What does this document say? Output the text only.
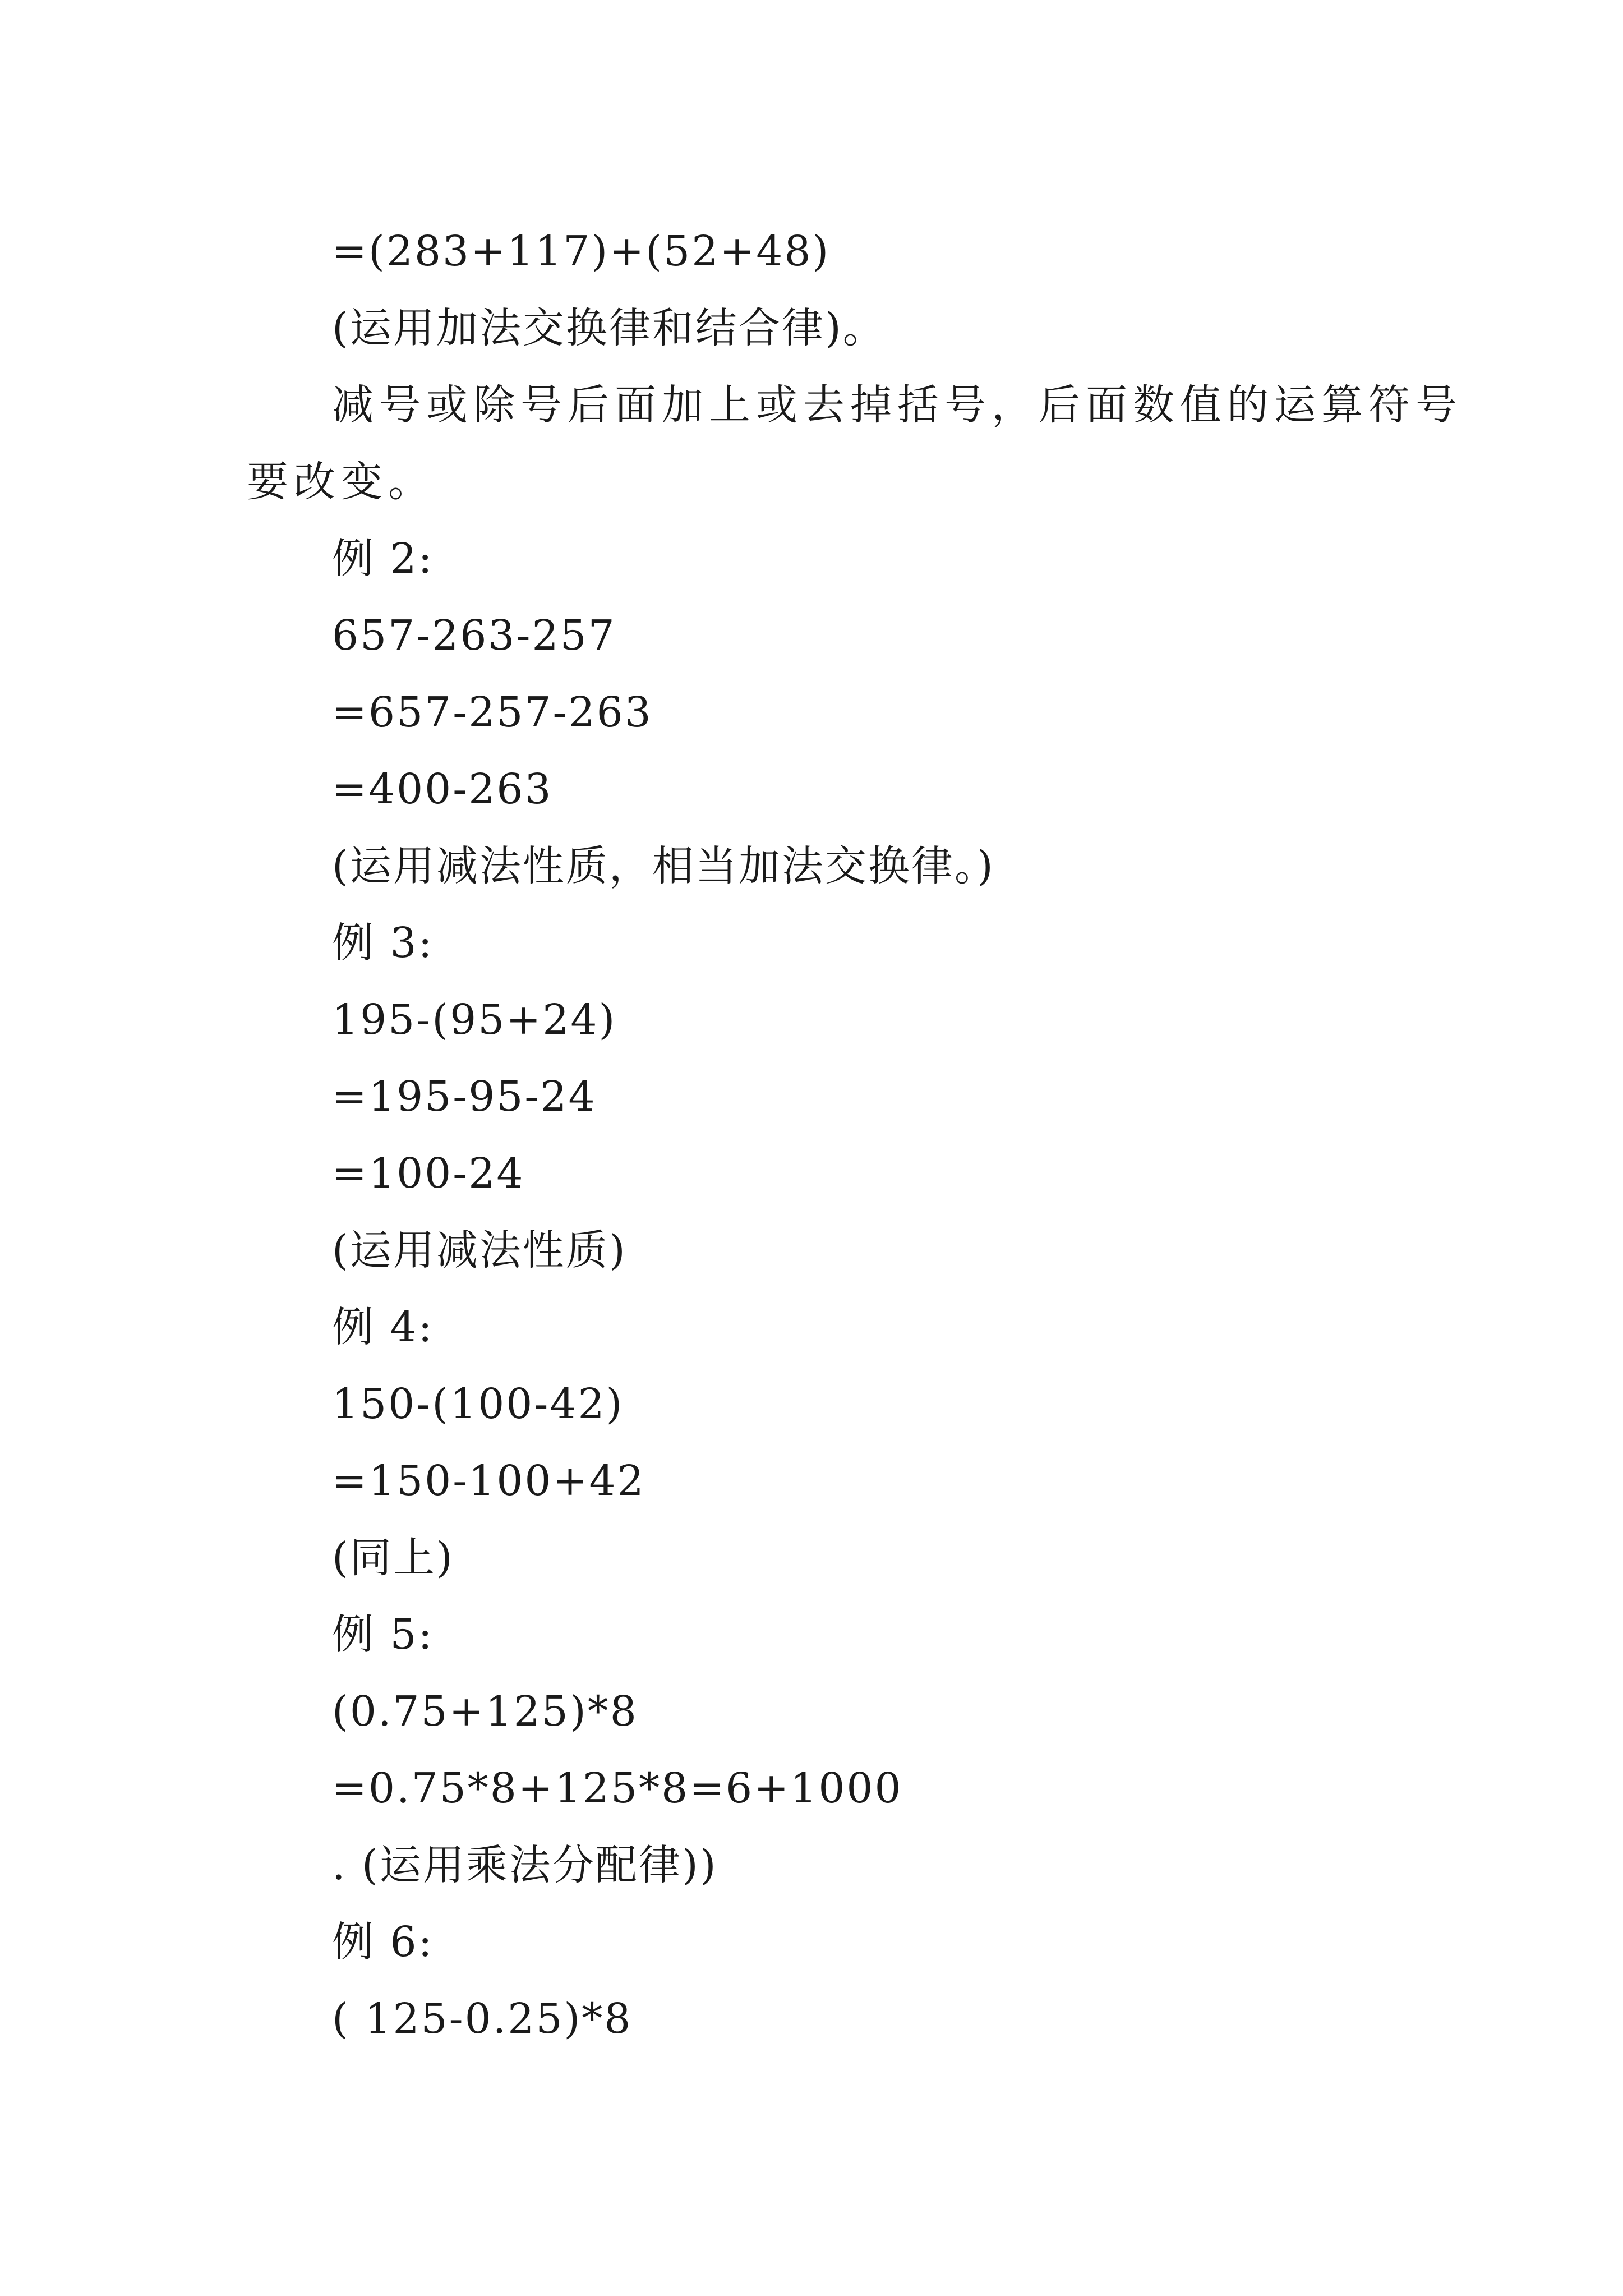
=(283+117)+(52+48)
(运用加法交换律和结合律)。
减号或除号后面加上或去掉括号，后面数值的运算符号
要改变。
例 2:
657-263-257
=657-257-263
=400-263
(运用减法性质，相当加法交换律。)
例 3:
195-(95+24)
=195-95-24
=100-24
(运用减法性质)
例 4:
150-(100-42)
=150-100+42
(同上)
例 5:
(0.75+125)*8
=0.75*8+125*8=6+1000
. (运用乘法分配律))
例 6:
( 125-0.25)*8
